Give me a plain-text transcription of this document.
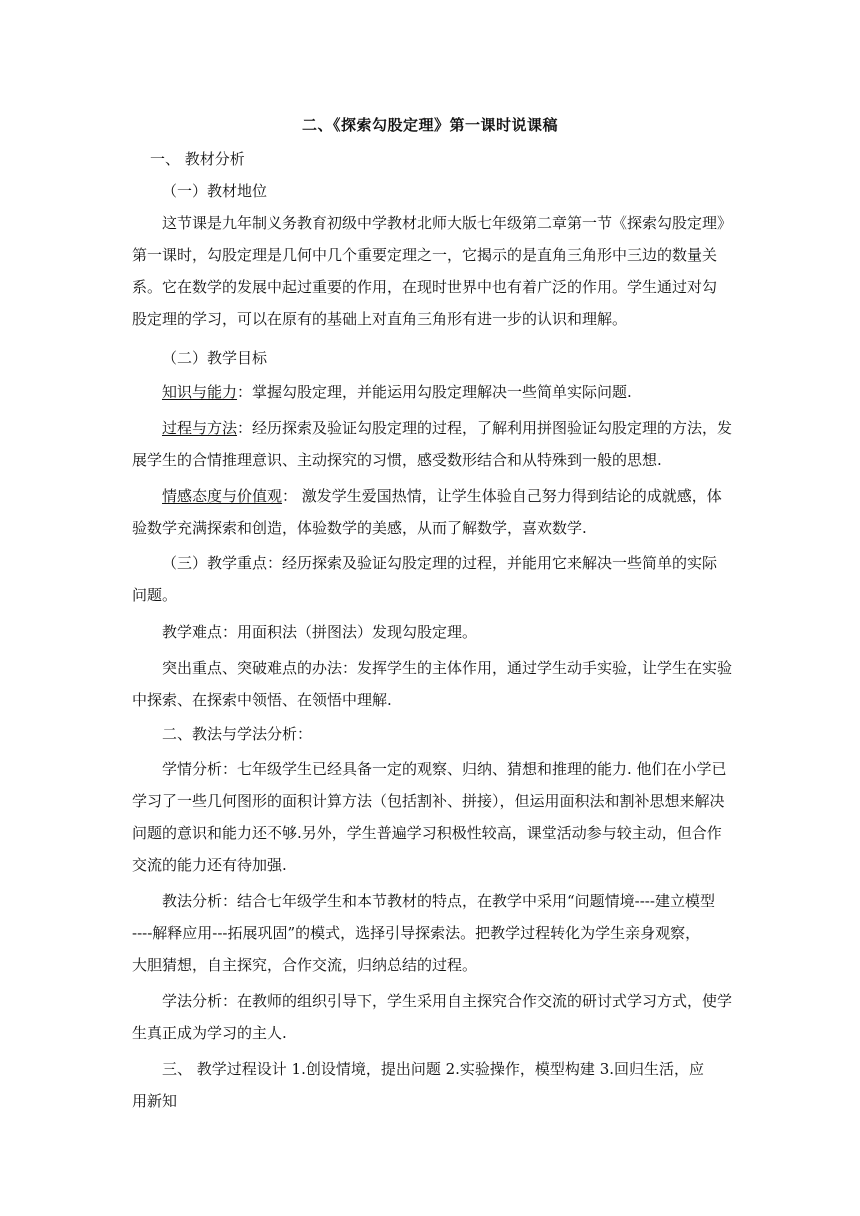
二、《探索勾股定理》第一课时说课稿
一、 教材分析
（一）教材地位
这节课是九年制义务教育初级中学教材北师大版七年级第二章第一节《探索勾股定理》
第一课时，勾股定理是几何中几个重要定理之一，它揭示的是直角三角形中三边的数量关
系。它在数学的发展中起过重要的作用，在现时世界中也有着广泛的作用。学生通过对勾
股定理的学习，可以在原有的基础上对直角三角形有进一步的认识和理解。
（二）教学目标
知识与能力：掌握勾股定理，并能运用勾股定理解决一些简单实际问题.
过程与方法：经历探索及验证勾股定理的过程，了解利用拼图验证勾股定理的方法，发
展学生的合情推理意识、主动探究的习惯，感受数形结合和从特殊到一般的思想.
情感态度与价值观： 激发学生爱国热情，让学生体验自己努力得到结论的成就感，体
验数学充满探索和创造，体验数学的美感，从而了解数学，喜欢数学.
（三）教学重点：经历探索及验证勾股定理的过程，并能用它来解决一些简单的实际
问题。
教学难点：用面积法（拼图法）发现勾股定理。
突出重点、突破难点的办法：发挥学生的主体作用，通过学生动手实验，让学生在实验
中探索、在探索中领悟、在领悟中理解.
二、教法与学法分析：
学情分析：七年级学生已经具备一定的观察、归纳、猜想和推理的能力. 他们在小学已
学习了一些几何图形的面积计算方法（包括割补、拼接），但运用面积法和割补思想来解决
问题的意识和能力还不够.另外，学生普遍学习积极性较高，课堂活动参与较主动，但合作
交流的能力还有待加强.
教法分析：结合七年级学生和本节教材的特点，在教学中采用“问题情境----建立模型
----解释应用---拓展巩固”的模式，选择引导探索法。把教学过程转化为学生亲身观察，
大胆猜想，自主探究，合作交流，归纳总结的过程。
学法分析：在教师的组织引导下，学生采用自主探究合作交流的研讨式学习方式，使学
生真正成为学习的主人.
三、 教学过程设计 1.创设情境，提出问题 2.实验操作，模型构建 3.回归生活，应
用新知
